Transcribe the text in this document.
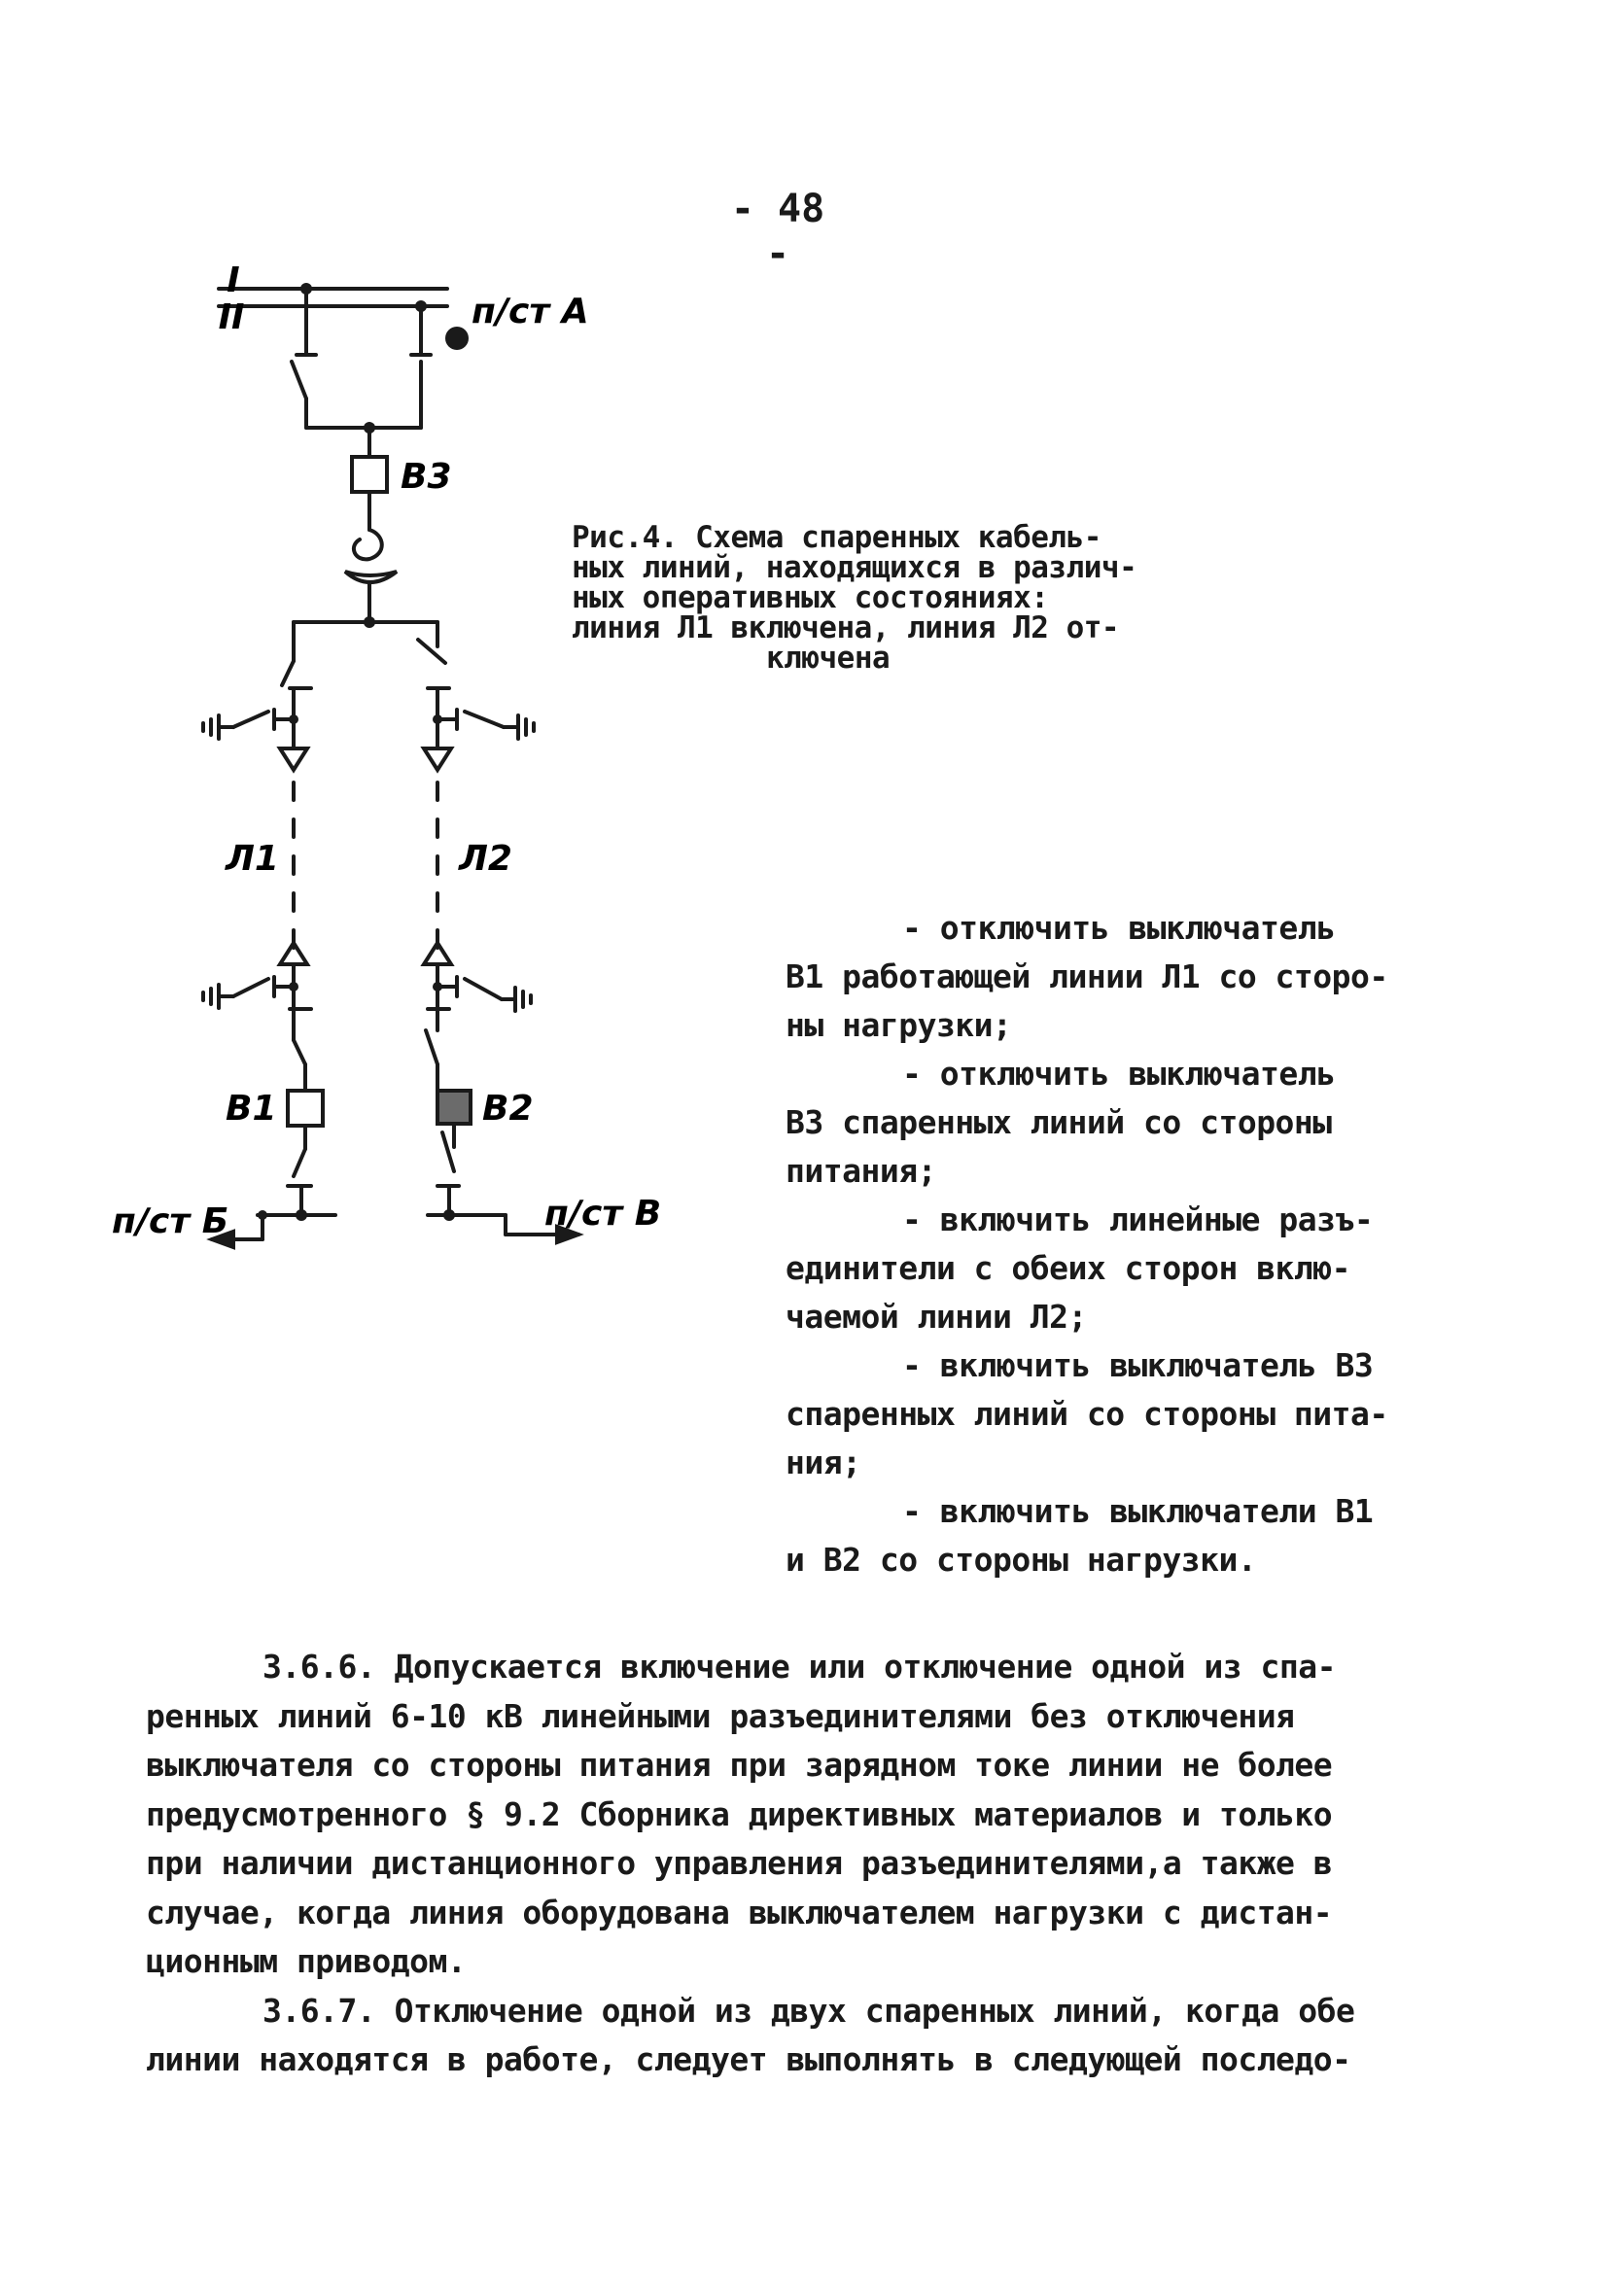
- 48 -
I
II	п/ст А
В3
Л1	Л2
В1	В2
п/ст Б	п/ст В
Рис.4. Схема спаренных кабель-
ных линий, находящихся в различ-
ных оперативных состояниях:
линия Л1 включена, линия Л2 от-
ключена
- отключить выключатель
В1 работающей линии Л1 со сторо-
ны нагрузки;
- отключить выключатель
В3 спаренных линий со стороны
питания;
- включить линейные разъ-
единители с обеих сторон вклю-
чаемой линии Л2;
- включить выключатель В3
спаренных линий со стороны пита-
ния;
- включить выключатели В1
и В2 со стороны нагрузки.
3.6.6. Допускается включение или отключение одной из спа-
ренных линий 6-10 кВ линейными разъединителями без отключения
выключателя со стороны питания при зарядном токе линии не более
предусмотренного § 9.2 Сборника директивных материалов и только
при наличии дистанционного управления разъединителями,а также в
случае, когда линия оборудована выключателем нагрузки с дистан-
ционным приводом.
3.6.7. Отключение одной из двух спаренных линий, когда обе
линии находятся в работе, следует выполнять в следующей последо-
